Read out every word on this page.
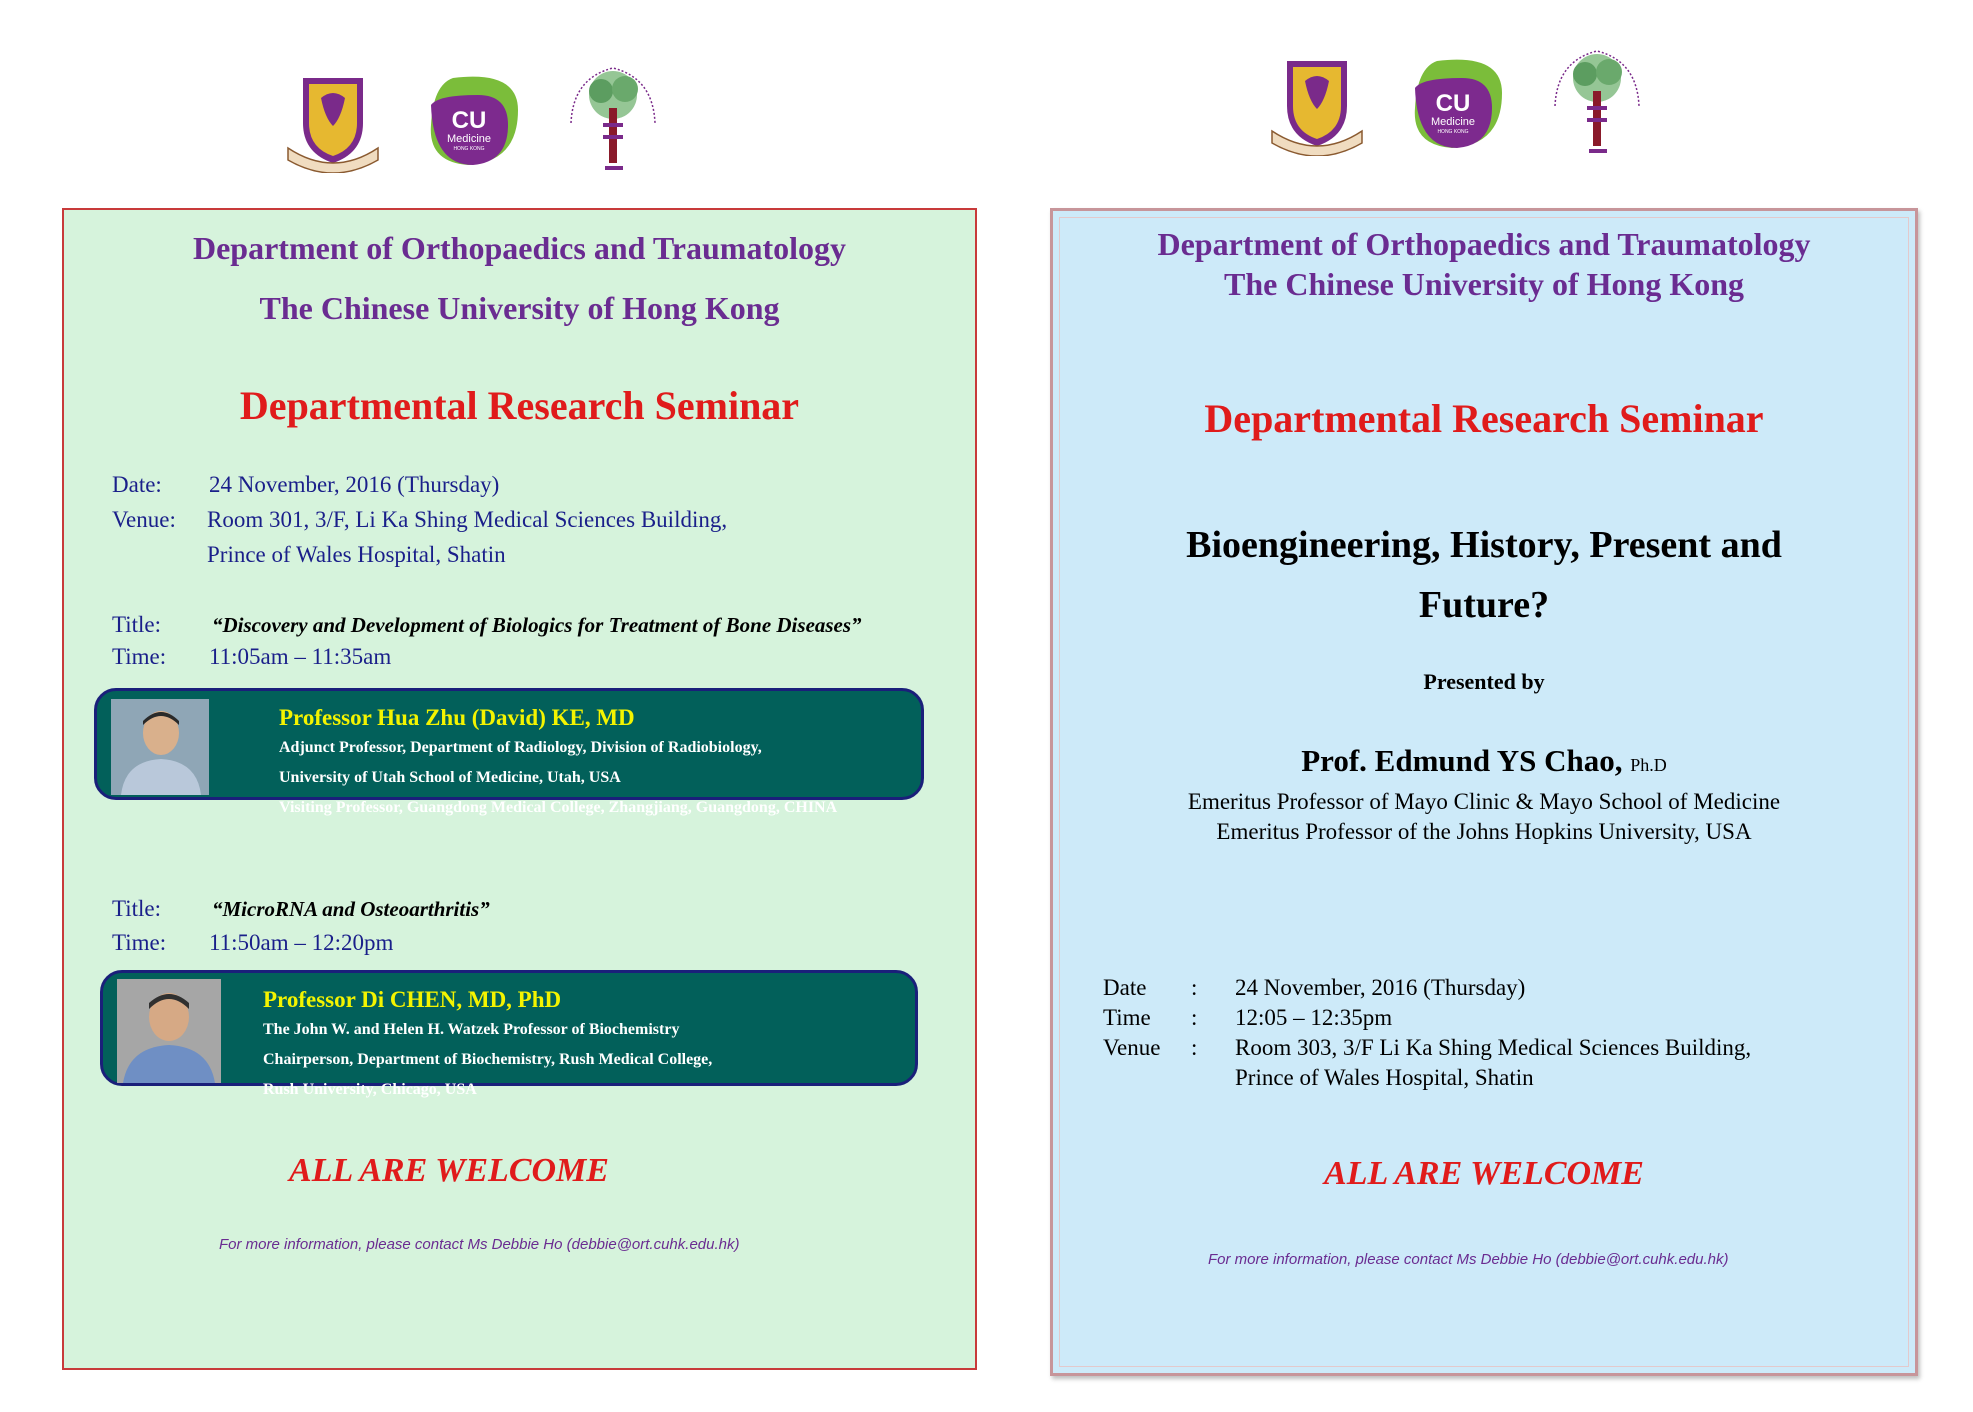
CU
Medicine
HONG KONG
CU
Medicine
HONG KONG
Department of Orthopaedics and Traumatology
The Chinese University of Hong Kong
Departmental Research Seminar
Date: 24 November, 2016 (Thursday)
Venue: Room 301, 3/F, Li Ka Shing Medical Sciences Building,
Prince of Wales Hospital, Shatin
Title: “Discovery and Development of Biologics for Treatment of Bone Diseases”
Time: 11:05am – 11:35am
Professor Hua Zhu (David) KE, MD
Adjunct Professor, Department of Radiology, Division of Radiobiology,
University of Utah School of Medicine, Utah, USA
Visiting Professor, Guangdong Medical College, Zhangjiang, Guangdong, CHINA
Title: “MicroRNA and Osteoarthritis”
Time: 11:50am – 12:20pm
Professor Di CHEN, MD, PhD
The John W. and Helen H. Watzek Professor of Biochemistry
Chairperson, Department of Biochemistry, Rush Medical College,
Rush University, Chicago, USA
ALL ARE WELCOME
For more information, please contact Ms Debbie Ho (debbie@ort.cuhk.edu.hk)
Department of Orthopaedics and Traumatology
The Chinese University of Hong Kong
Departmental Research Seminar
Bioengineering, History, Present and
Future?
Presented by
Prof. Edmund YS Chao, Ph.D
Emeritus Professor of Mayo Clinic & Mayo School of Medicine
Emeritus Professor of the Johns Hopkins University, USA
Date : 24 November, 2016 (Thursday)
Time : 12:05 – 12:35pm
Venue : Room 303, 3/F Li Ka Shing Medical Sciences Building,
Prince of Wales Hospital, Shatin
ALL ARE WELCOME
For more information, please contact Ms Debbie Ho (debbie@ort.cuhk.edu.hk)
